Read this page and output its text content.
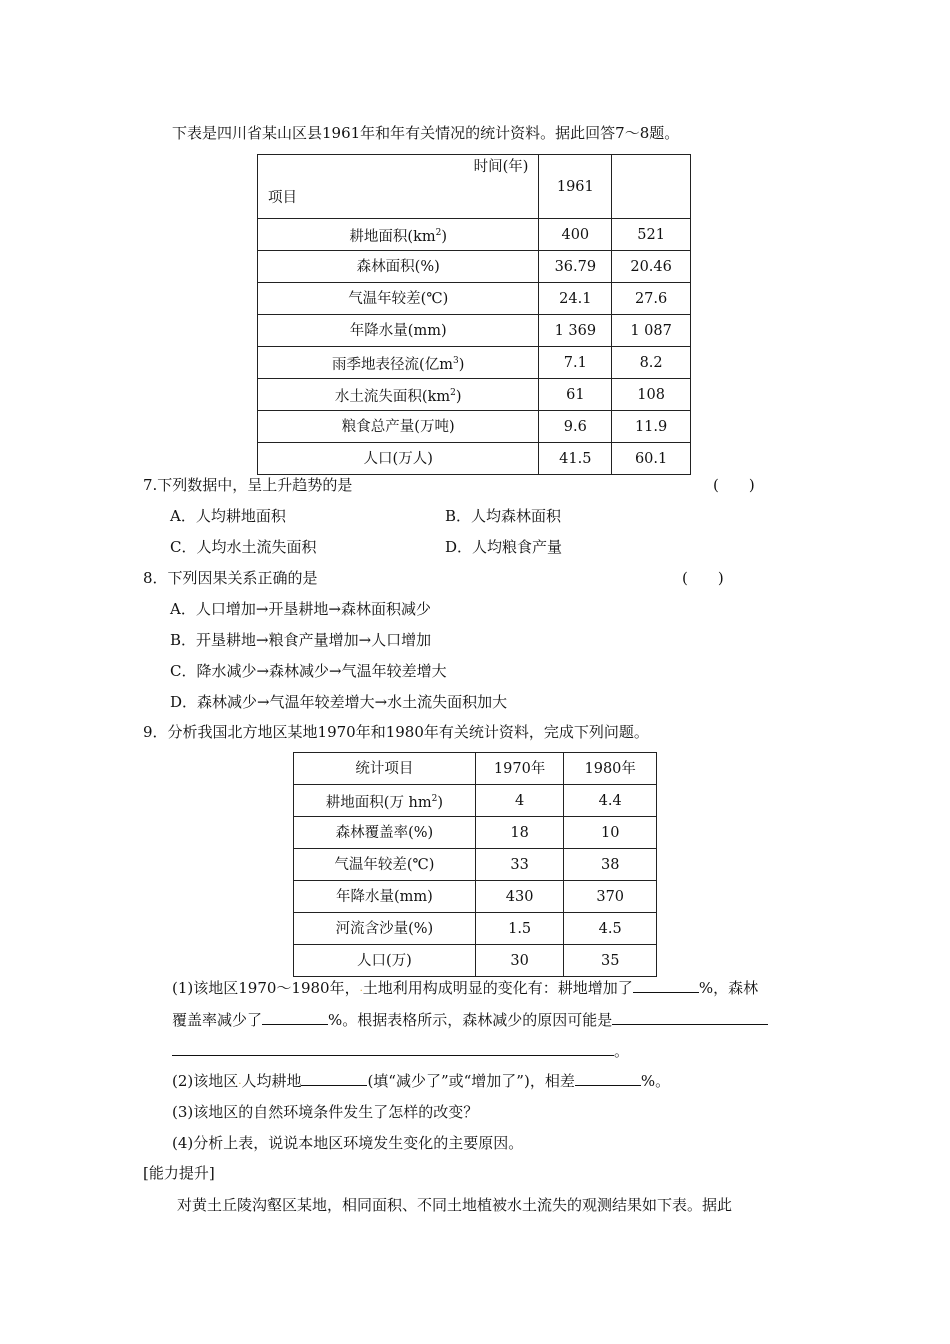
下表是四川省某山区县1961年和年有关情况的统计资料。据此回答7～8题。
时间(年)
项目	1961	
耕地面积$(km^2)$	400	521
森林面积(%)	36.79	20.46
气温年较差(℃)	24.1	27.6
年降水量(mm)	1 369	1 087
雨季地表径流(亿$m^3$)	7.1	8.2
水土流失面积$(km^2)$	61	108
粮食总产量(万吨)	9.6	11.9
人口(万人)	41.5	60.1
7.下列数据中，呈上升趋势的是	(　　)
A．人均耕地面积	B．人均森林面积
C．人均水土流失面积	D．人均粮食产量
8．下列因果关系正确的是	(　　)
A．人口增加→开垦耕地→森林面积减少
B．开垦耕地→粮食产量增加→人口增加
C．降水减少→森林减少→气温年较差增大
D．森林减少→气温年较差增大→水土流失面积加大
9．分析我国北方地区某地1970年和1980年有关统计资料，完成下列问题。
统计项目	1970年	1980年
耕地面积(万 $hm^2$)	4	4.4
森林覆盖率(%)	18	10
气温年较差(℃)	33	38
年降水量(mm)	430	370
河流含沙量(%)	1.5	4.5
人口(万)	30	35
(1)该地区1970～1980年，.土地利用构成明显的变化有：耕地增加了	%，森林
覆盖率减少了	%。根据表格所示，森林减少的原因可能是
。
(2)该地区.人均耕地	(填“减少了”或“增加了”)，相差	%。
(3)该地区的自然环境条件发生了怎样的改变？
(4)分析上表，说说本地区环境发生变化的主要原因。
[能力提升]
对黄土丘陵沟壑区某地，相同面积、不同土地植被水土流失的观测结果如下表。据此
